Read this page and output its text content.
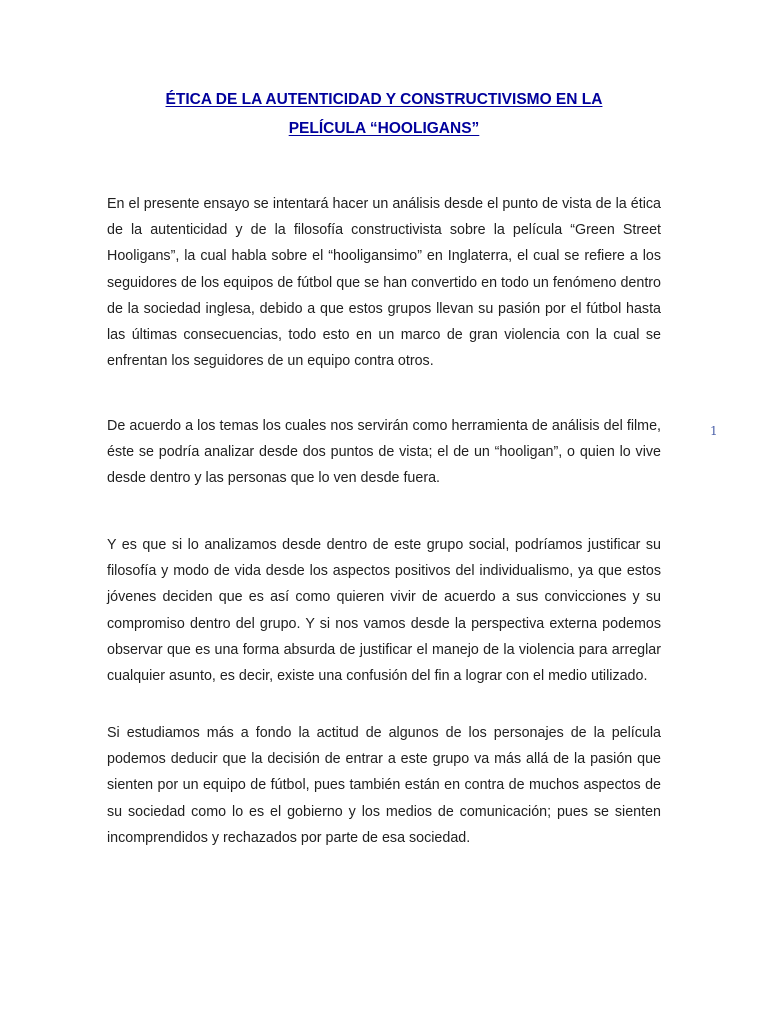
ÉTICA DE LA AUTENTICIDAD Y CONSTRUCTIVISMO EN LA
PELÍCULA “HOOLIGANS”

En el presente ensayo se intentará hacer un análisis desde el punto de vista de la ética de la autenticidad y de la filosofía constructivista sobre la película “Green Street Hooligans”, la cual habla sobre el “hooligansimo” en Inglaterra, el cual se refiere a los seguidores de los equipos de fútbol que se han convertido en todo un fenómeno dentro de la sociedad inglesa, debido a que estos grupos llevan su pasión por el fútbol hasta las últimas consecuencias, todo esto en un marco de gran violencia con la cual se enfrentan los seguidores de un equipo contra otros.

De acuerdo a los temas los cuales nos servirán como herramienta de análisis del filme, éste se podría analizar desde dos puntos de vista; el de un “hooligan”, o quien lo vive desde dentro y las personas que lo ven desde fuera.

Y es que si lo analizamos desde dentro de este grupo social, podríamos justificar su filosofía y modo de vida desde los aspectos positivos del individualismo, ya que estos jóvenes deciden que es así como quieren vivir de acuerdo a sus convicciones y su compromiso dentro del grupo. Y si nos vamos desde la perspectiva externa podemos observar que es una forma absurda de justificar el manejo de la violencia para arreglar cualquier asunto, es decir, existe una confusión del fin a lograr con el medio utilizado.

Si estudiamos más a fondo la actitud de algunos de los personajes de la película podemos deducir que la decisión de entrar a este grupo va más allá de la pasión que sienten por un equipo de fútbol, pues también están en contra de muchos aspectos de su sociedad como lo es el gobierno y los medios de comunicación; pues se sienten incomprendidos y rechazados por parte de esa sociedad.

1
